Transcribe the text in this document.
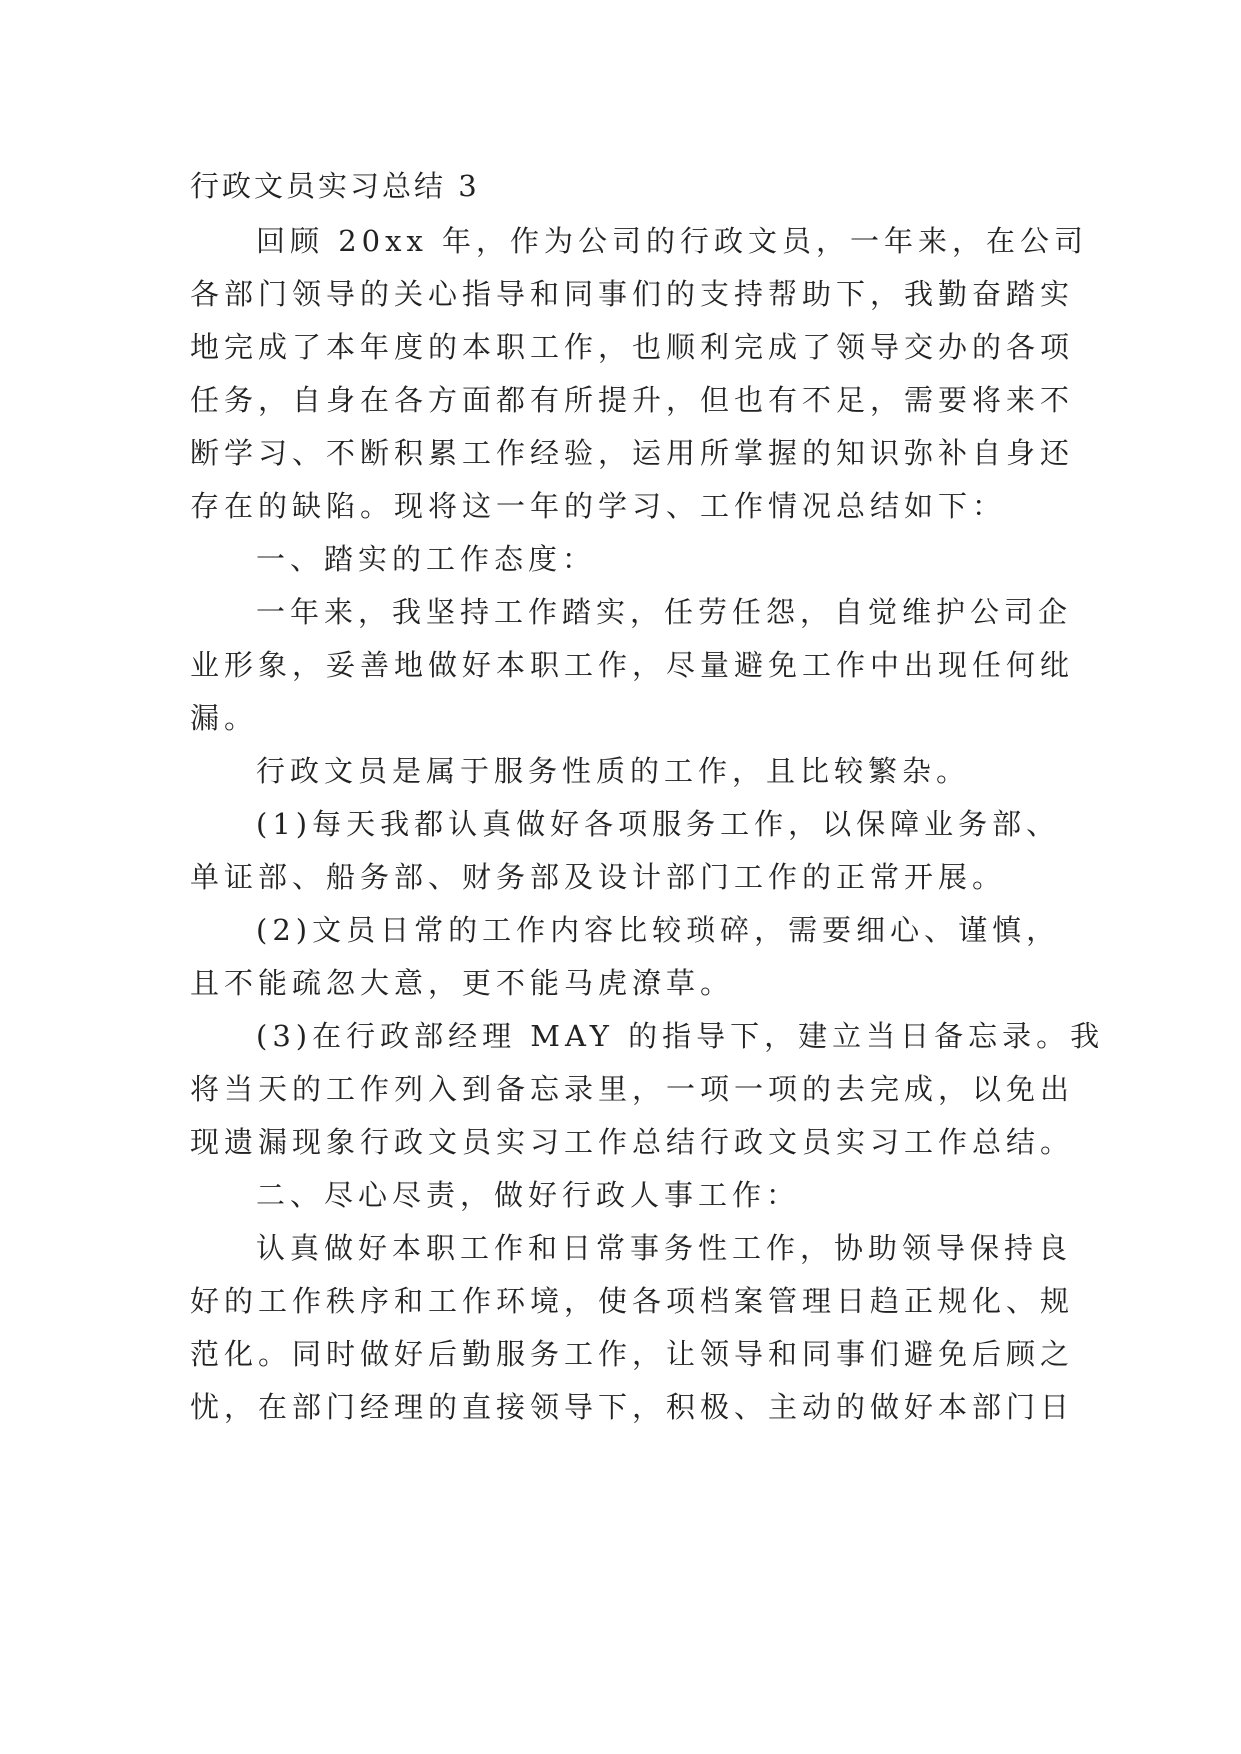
行政文员实习总结 3

回顾 20xx 年，作为公司的行政文员，一年来，在公司

各部门领导的关心指导和同事们的支持帮助下，我勤奋踏实

地完成了本年度的本职工作，也顺利完成了领导交办的各项

任务，自身在各方面都有所提升，但也有不足，需要将来不

断学习、不断积累工作经验，运用所掌握的知识弥补自身还

存在的缺陷。现将这一年的学习、工作情况总结如下：

一、踏实的工作态度：

一年来，我坚持工作踏实，任劳任怨，自觉维护公司企

业形象，妥善地做好本职工作，尽量避免工作中出现任何纰

漏。

行政文员是属于服务性质的工作，且比较繁杂。

(1)每天我都认真做好各项服务工作，以保障业务部、

单证部、船务部、财务部及设计部门工作的正常开展。

(2)文员日常的工作内容比较琐碎，需要细心、谨慎，

且不能疏忽大意，更不能马虎潦草。

(3)在行政部经理 MAY 的指导下，建立当日备忘录。我

将当天的工作列入到备忘录里，一项一项的去完成，以免出

现遗漏现象行政文员实习工作总结行政文员实习工作总结。

二、尽心尽责，做好行政人事工作：

认真做好本职工作和日常事务性工作，协助领导保持良

好的工作秩序和工作环境，使各项档案管理日趋正规化、规

范化。同时做好后勤服务工作，让领导和同事们避免后顾之

忧，在部门经理的直接领导下，积极、主动的做好本部门日
